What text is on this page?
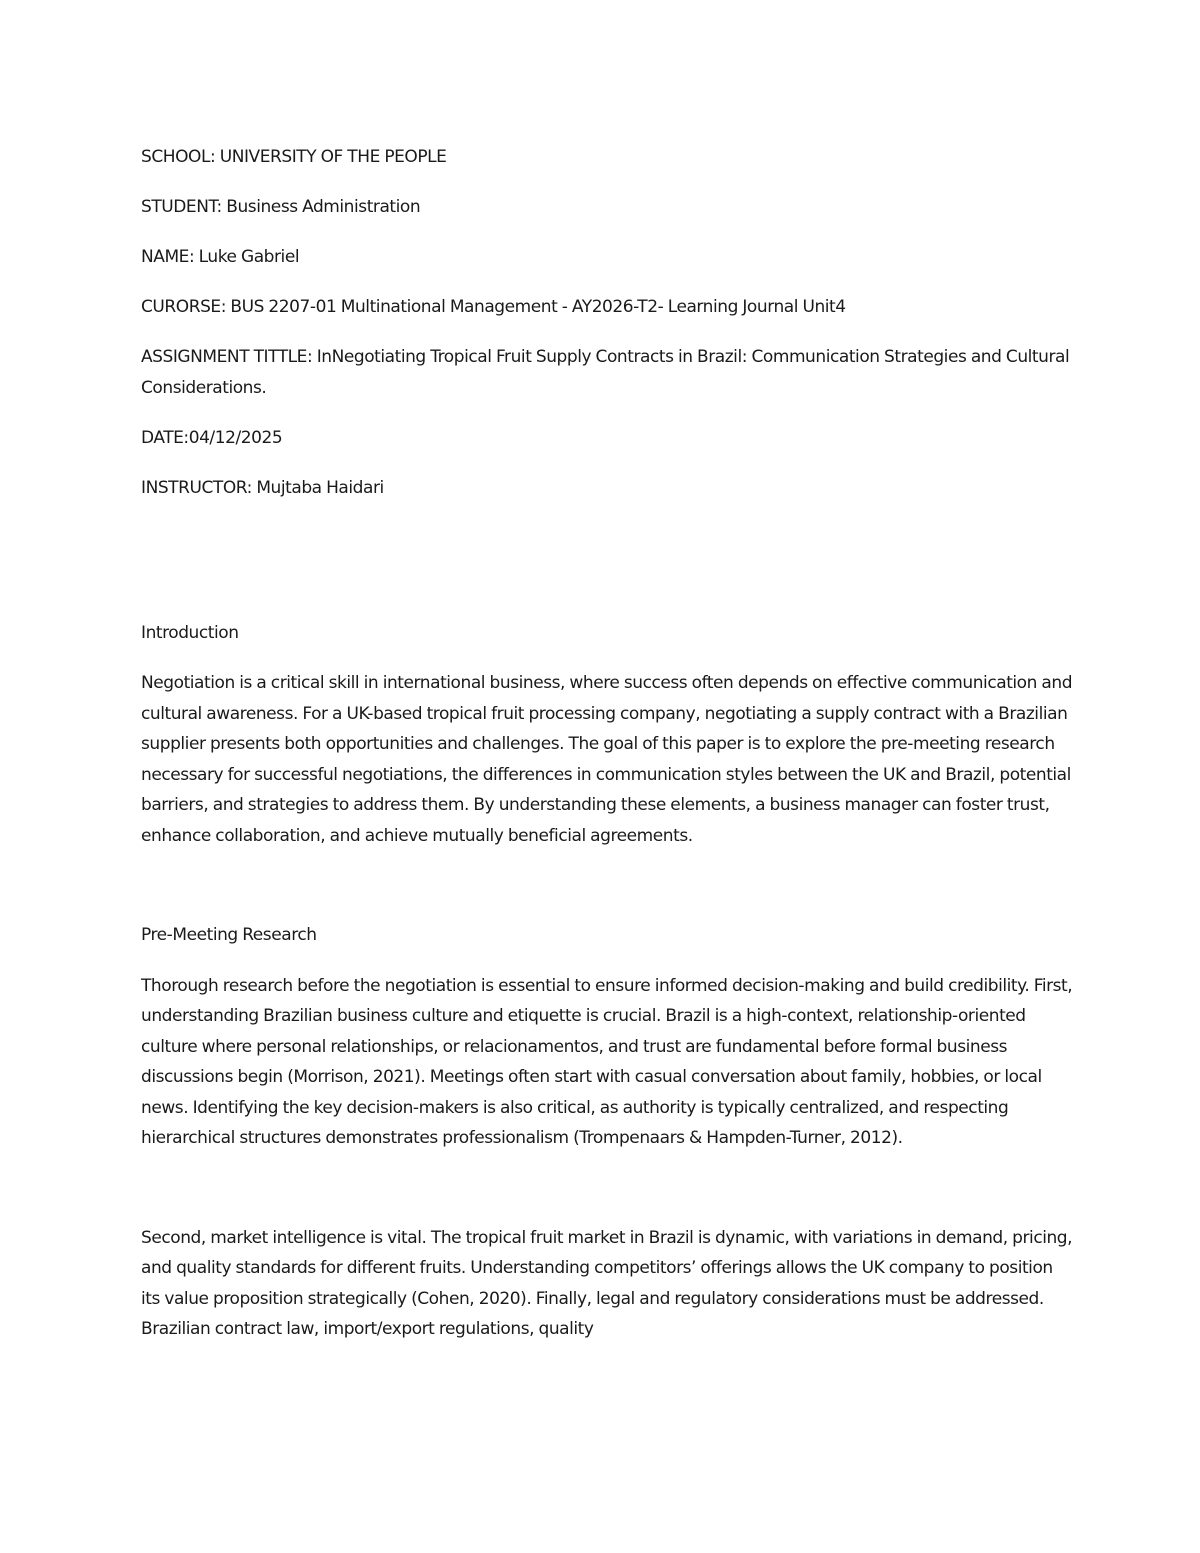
SCHOOL: UNIVERSITY OF THE PEOPLE

STUDENT: Business Administration

NAME: Luke Gabriel

CURORSE: BUS 2207-01 Multinational Management - AY2026-T2- Learning Journal Unit4

ASSIGNMENT TITTLE: InNegotiating Tropical Fruit Supply Contracts in Brazil: Communication Strategies and Cultural Considerations.

DATE:04/12/2025

INSTRUCTOR: Mujtaba Haidari

Introduction

Negotiation is a critical skill in international business, where success often depends on effective communication and cultural awareness. For a UK-based tropical fruit processing company, negotiating a supply contract with a Brazilian supplier presents both opportunities and challenges. The goal of this paper is to explore the pre-meeting research necessary for successful negotiations, the differences in communication styles between the UK and Brazil, potential barriers, and strategies to address them. By understanding these elements, a business manager can foster trust, enhance collaboration, and achieve mutually beneficial agreements.

Pre-Meeting Research

Thorough research before the negotiation is essential to ensure informed decision-making and build credibility. First, understanding Brazilian business culture and etiquette is crucial. Brazil is a high-context, relationship-oriented culture where personal relationships, or relacionamentos, and trust are fundamental before formal business discussions begin (Morrison, 2021). Meetings often start with casual conversation about family, hobbies, or local news. Identifying the key decision-makers is also critical, as authority is typically centralized, and respecting hierarchical structures demonstrates professionalism (Trompenaars & Hampden-Turner, 2012).

Second, market intelligence is vital. The tropical fruit market in Brazil is dynamic, with variations in demand, pricing, and quality standards for different fruits. Understanding competitors’ offerings allows the UK company to position its value proposition strategically (Cohen, 2020). Finally, legal and regulatory considerations must be addressed. Brazilian contract law, import/export regulations, quality
